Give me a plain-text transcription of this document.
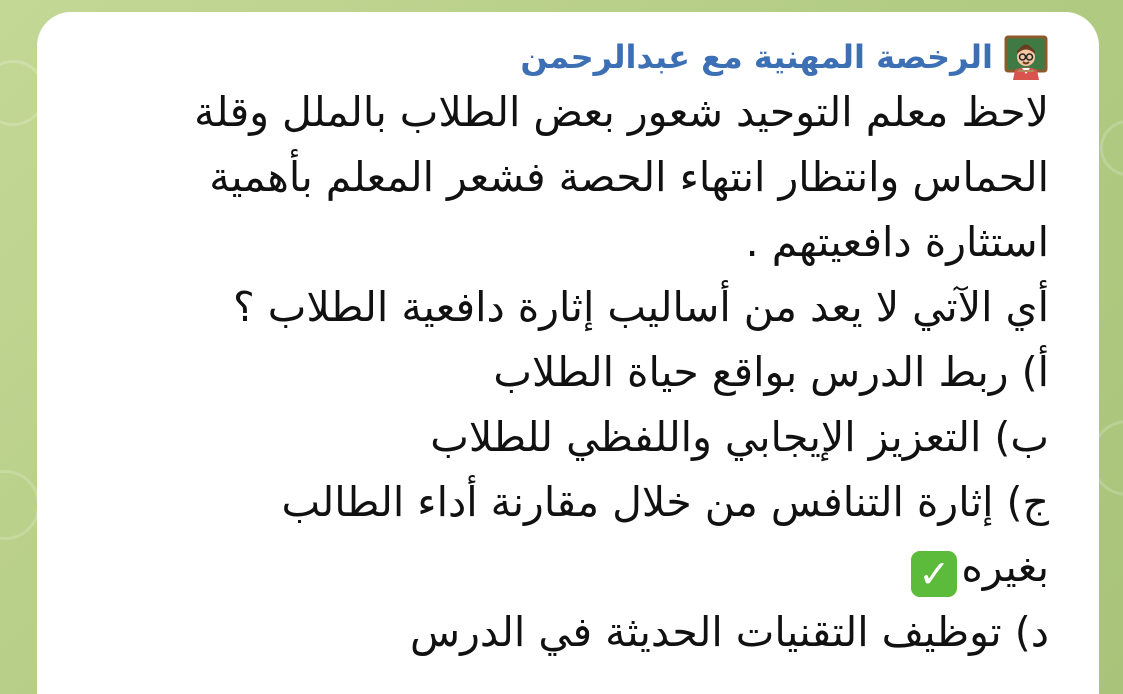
الرخصة المهنية مع عبدالرحمن
لاحظ معلم التوحيد شعور بعض الطلاب بالملل وقلة
الحماس وانتظار انتهاء الحصة فشعر المعلم بأهمية
استثارة دافعيتهم .
أي الآتي لا يعد من أساليب إثارة دافعية الطلاب ؟
أ) ربط الدرس بواقع حياة الطلاب
ب) التعزيز الإيجابي واللفظي للطلاب
ج) إثارة التنافس من خلال مقارنة أداء الطالب
بغيره✓
د) توظيف التقنيات الحديثة في الدرس
